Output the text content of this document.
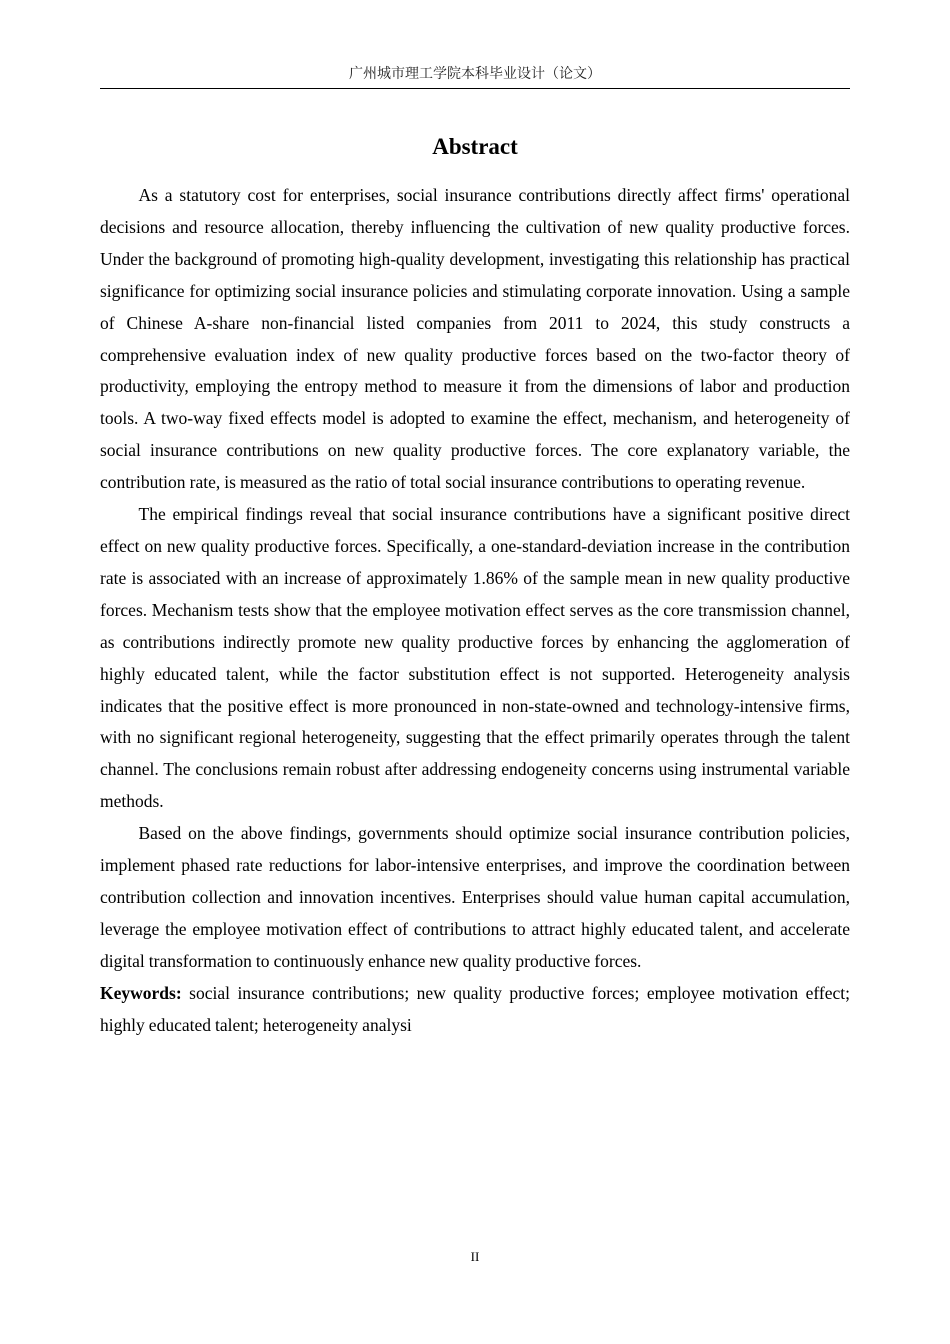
广州城市理工学院本科毕业设计（论文）
Abstract

As a statutory cost for enterprises, social insurance contributions directly affect firms' operational decisions and resource allocation, thereby influencing the cultivation of new quality productive forces. Under the background of promoting high-quality development, investigating this relationship has practical significance for optimizing social insurance policies and stimulating corporate innovation. Using a sample of Chinese A-share non-financial listed companies from 2011 to 2024, this study constructs a comprehensive evaluation index of new quality productive forces based on the two-factor theory of productivity, employing the entropy method to measure it from the dimensions of labor and production tools. A two-way fixed effects model is adopted to examine the effect, mechanism, and heterogeneity of social insurance contributions on new quality productive forces. The core explanatory variable, the contribution rate, is measured as the ratio of total social insurance contributions to operating revenue.

The empirical findings reveal that social insurance contributions have a significant positive direct effect on new quality productive forces. Specifically, a one-standard-deviation increase in the contribution rate is associated with an increase of approximately 1.86% of the sample mean in new quality productive forces. Mechanism tests show that the employee motivation effect serves as the core transmission channel, as contributions indirectly promote new quality productive forces by enhancing the agglomeration of highly educated talent, while the factor substitution effect is not supported. Heterogeneity analysis indicates that the positive effect is more pronounced in non-state-owned and technology-intensive firms, with no significant regional heterogeneity, suggesting that the effect primarily operates through the talent channel. The conclusions remain robust after addressing endogeneity concerns using instrumental variable methods.

Based on the above findings, governments should optimize social insurance contribution policies, implement phased rate reductions for labor-intensive enterprises, and improve the coordination between contribution collection and innovation incentives. Enterprises should value human capital accumulation, leverage the employee motivation effect of contributions to attract highly educated talent, and accelerate digital transformation to continuously enhance new quality productive forces.

Keywords: social insurance contributions; new quality productive forces; employee motivation effect; highly educated talent; heterogeneity analysi

II
